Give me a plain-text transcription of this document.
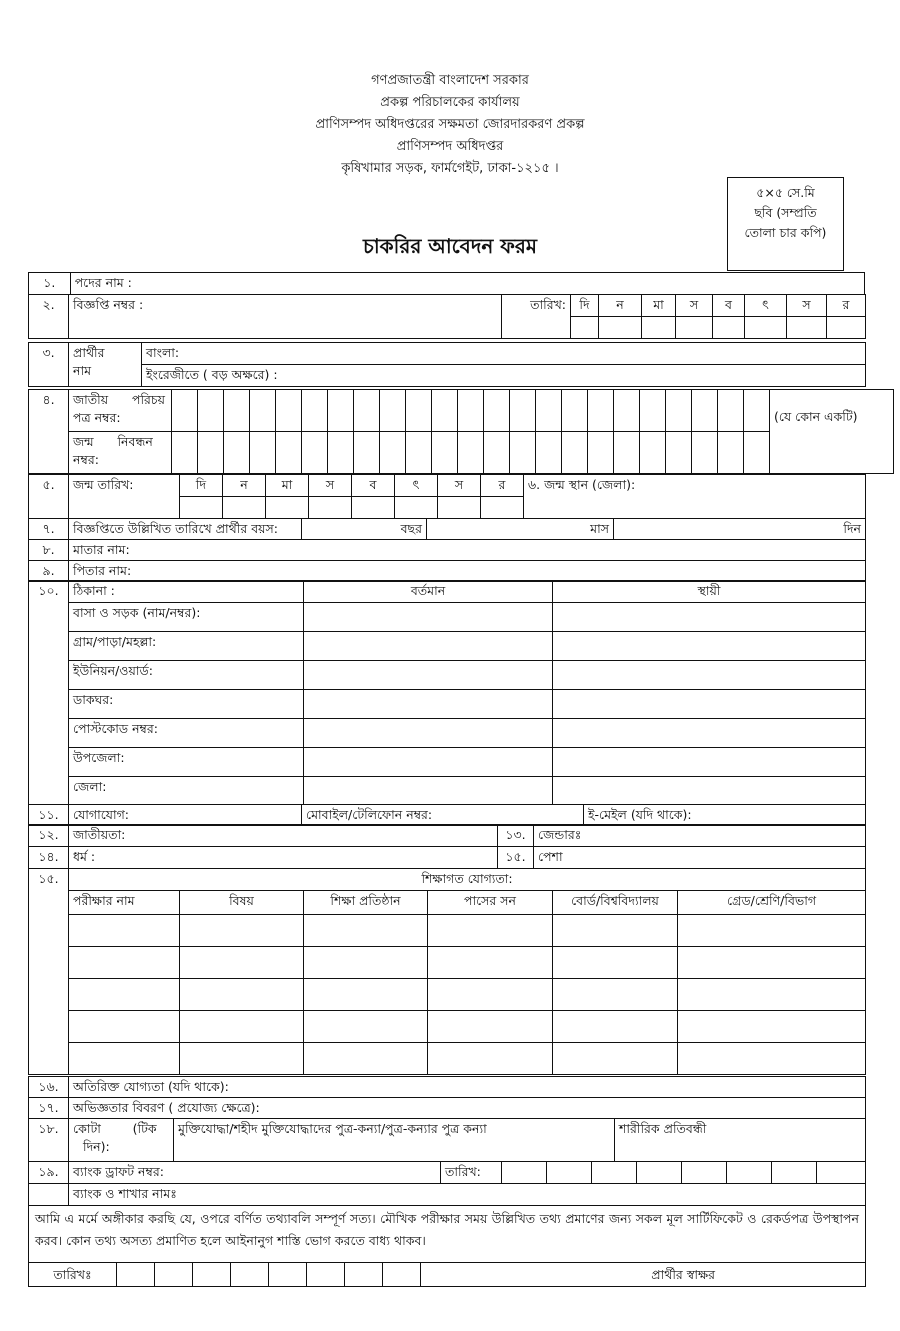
গণপ্রজাতন্ত্রী বাংলাদেশ সরকার
প্রকল্প পরিচালকের কার্যালয়
প্রাণিসম্পদ অধিদপ্তরের সক্ষমতা জোরদারকরণ প্রকল্প
প্রাণিসম্পদ অধিদপ্তর
কৃষিখামার সড়ক, ফার্মগেইট, ঢাকা-১২১৫ ।
৫×৫ সে.মি
ছবি (সম্প্রতি
তোলা চার কপি)
চাকরির আবেদন ফরম
১.	পদের নাম :
২.	বিজ্ঞপ্তি নম্বর :	তারিখ:	দি	ন	মা	স	ব	ৎ	স	র

৩.	প্রার্থীর
নাম
	বাংলা:
ইংরেজীতে ( বড় অক্ষরে) :
৪.	জাতীয়      পরিচয়
পত্র নম্বর:																								(যে কোন একটি)

	জন্ম      নিবন্ধন
নম্বর:																								

৫.	জন্ম তারিখ:	দি	ন	মা	স	ব	ৎ	স	র	৬. জন্ম স্থান (জেলা):

৭.	বিজ্ঞপ্তিতে উল্লিখিত তারিখে প্রার্থীর বয়স:	বছর	মাস	দিন
৮.	মাতার নাম:			
৯.	পিতার নাম:			
১০.	ঠিকানা :	বর্তমান	স্থায়ী
	বাসা ও সড়ক (নাম/নম্বর):		
	গ্রাম/পাড়া/মহল্লা:		
	ইউনিয়ন/ওয়ার্ড:		
	ডাকঘর:		
	পোস্টকোড নম্বর:		
	উপজেলা:		
	জেলা:		
১১.	যোগাযোগ:	মোবাইল/টেলিফোন নম্বর:	ই-মেইল (যদি থাকে):
১২.	জাতীয়তা:	১৩.	জেন্ডারঃ
১৪.	ধর্ম :	১৫.	পেশা
১৫.	শিক্ষাগত যোগ্যতা:					
	পরীক্ষার নাম	বিষয়	শিক্ষা প্রতিষ্ঠান	পাসের সন	বোর্ড/বিশ্ববিদ্যালয়	গ্রেড/শ্রেণি/বিভাগ

১৬.	অতিরিক্ত যোগ্যতা (যদি থাকে):
১৭.	অভিজ্ঞতার বিবরণ ( প্রযোজ্য ক্ষেত্রে):
১৮.	কোটা        (টিক
দিন):
	মুক্তিযোদ্ধা/শহীদ মুক্তিযোদ্ধাদের পুত্র-কন্যা/পুত্র-কন্যার পুত্র কন্যা	শারীরিক প্রতিবন্ধী
১৯.	ব্যাংক ড্রাফট নম্বর:	তারিখ:								
	ব্যাংক ও শাখার নামঃ									
আমি এ মর্মে অঙ্গীকার করছি যে, ওপরে বর্ণিত তথ্যাবলি সম্পূর্ণ সত্য। মৌখিক পরীক্ষার সময় উল্লিখিত তথ্য প্রমাণের জন্য সকল মূল সার্টিফিকেট ও রেকর্ডপত্র উপস্থাপন করব। কোন তথ্য অসত্য প্রমাণিত হলে আইনানুগ শাস্তি ভোগ করতে বাধ্য থাকব।
তারিখঃ									প্রার্থীর স্বাক্ষর
